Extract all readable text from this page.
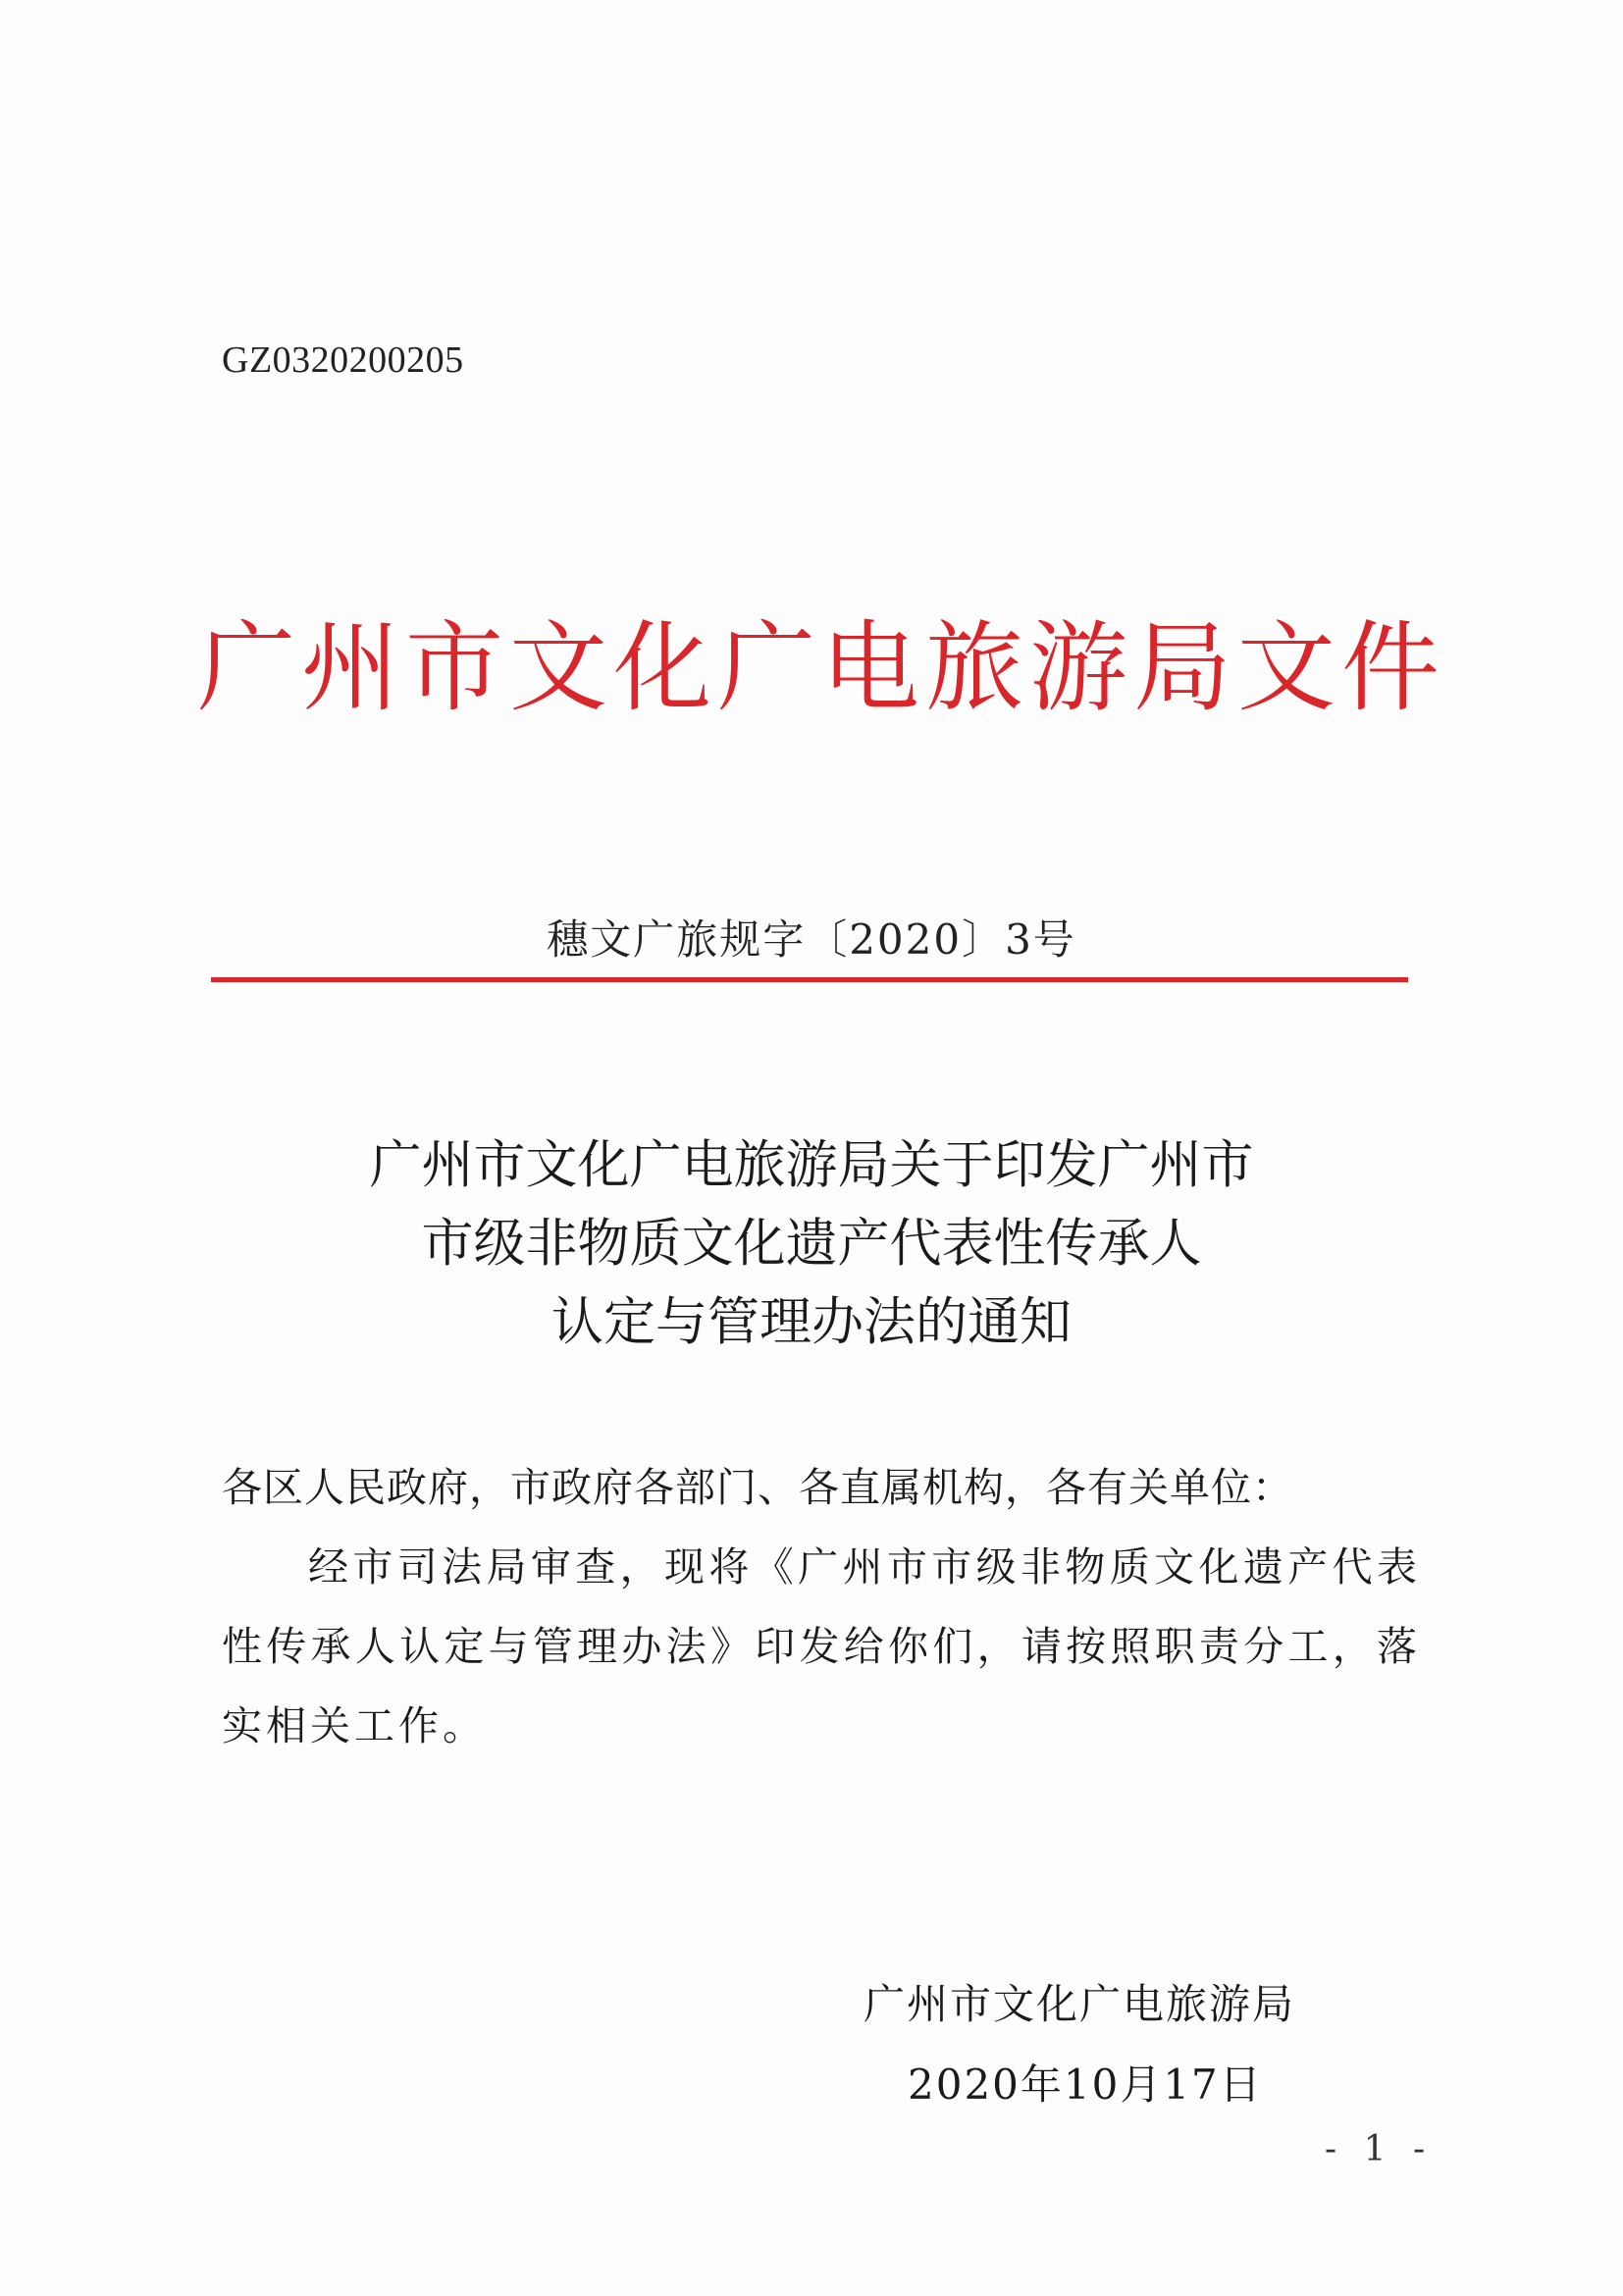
GZ0320200205
广州市文化广电旅游局文件
穗文广旅规字〔2020〕3号
广州市文化广电旅游局关于印发广州市
市级非物质文化遗产代表性传承人
认定与管理办法的通知
各区人民政府，市政府各部门、各直属机构，各有关单位：
经市司法局审查，现将《广州市市级非物质文化遗产代表性传承人认定与管理办法》印发给你们，请按照职责分工，落实相关工作。
广州市文化广电旅游局
2020年10月17日
- 1 -
